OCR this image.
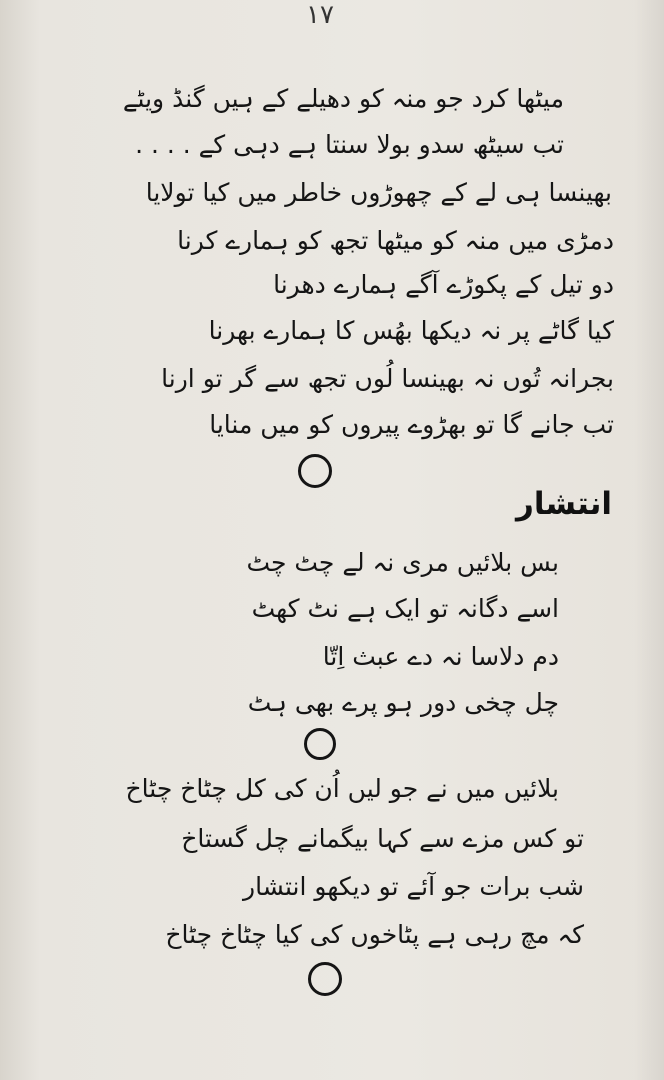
۱۷
میٹھا کرد جو منہ کو دھیلے کے ہیں گنڈ ویٹے
تب سیٹھ سدو بولا سنتا ہے دہی کے . . . .
بھینسا ہی لے کے چھوڑوں خاطر میں کیا تولایا
دمڑی میں منہ کو میٹھا تجھ کو ہمارے کرنا
دو تیل کے پکوڑے آگے ہمارے دھرنا
کیا گاٹے پر نہ دیکھا بھُس کا ہمارے بھرنا
بجرانہ تُوں نہ بھینسا لُوں تجھ سے گر تو ارنا
تب جانے گا تو بھڑوے پیروں کو میں منایا
انتشار
بس بلائیں مری نہ لے چٹ چٹ
اسے دگانہ تو ایک ہے نٹ کھٹ
دم دلاسا نہ دے عبث اِتّا
چل چخی دور ہو پرے بھی ہٹ
بلائیں میں نے جو لیں اُن کی کل چٹاخ چٹاخ
تو کس مزے سے کہا بیگمانے چل گستاخ
شب برات جو آئے تو دیکھو انتشار
کہ مچ رہی ہے پٹاخوں کی کیا چٹاخ چٹاخ
